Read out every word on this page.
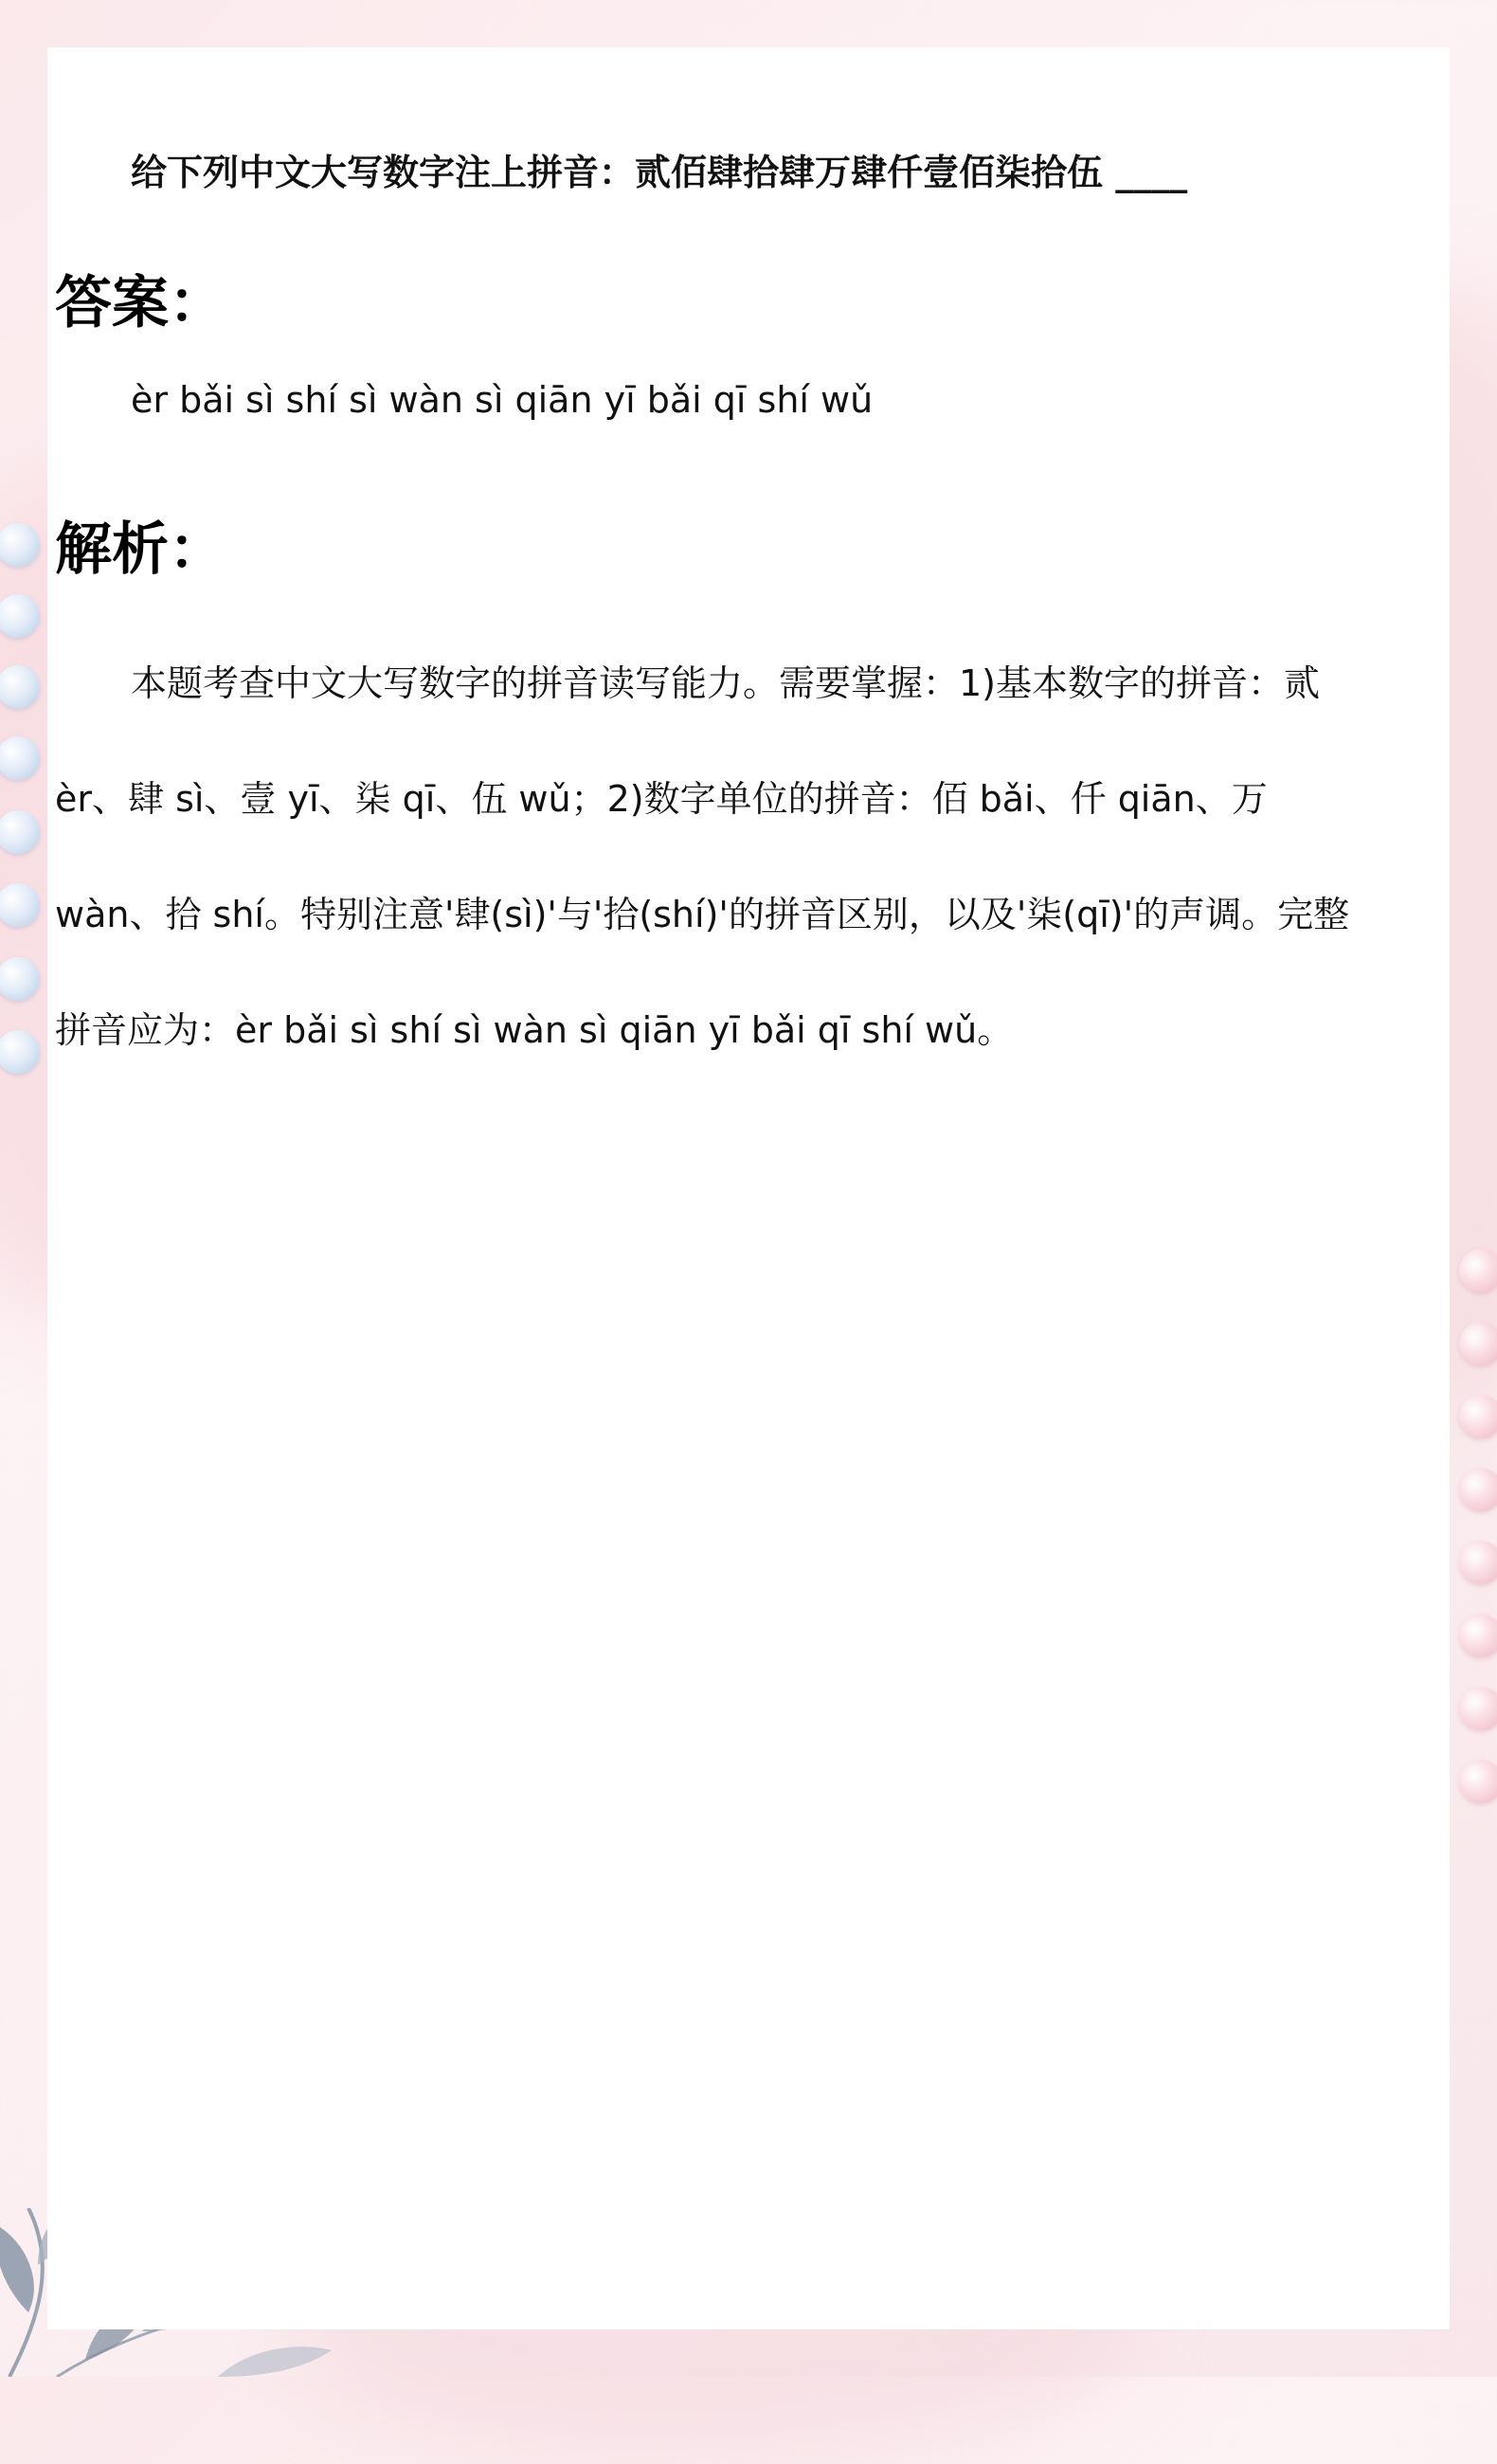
给下列中文大写数字注上拼音：贰佰肆拾肆万肆仟壹佰柒拾伍 ____

答案：

èr bǎi sì shí sì wàn sì qiān yī bǎi qī shí wǔ

解析：

本题考查中文大写数字的拼音读写能力。需要掌握：1)基本数字的拼音：贰 èr、肆 sì、壹 yī、柒 qī、伍 wǔ；2)数字单位的拼音：佰 bǎi、仟 qiān、万 wàn、拾 shí。特别注意'肆(sì)'与'拾(shí)'的拼音区别，以及'柒(qī)'的声调。完整拼音应为：èr bǎi sì shí sì wàn sì qiān yī bǎi qī shí wǔ。
